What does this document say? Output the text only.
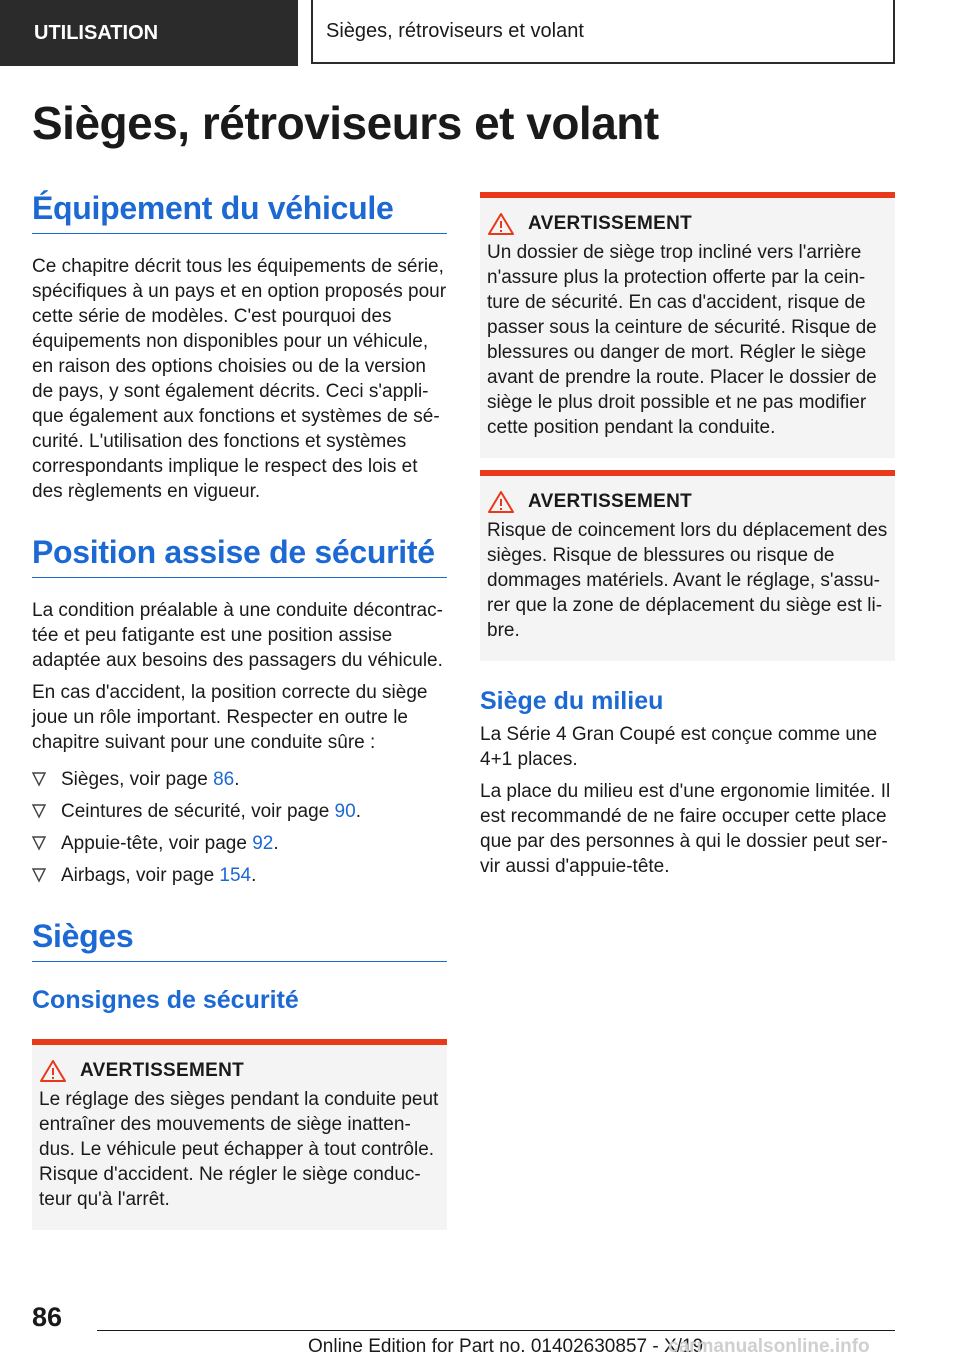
UTILISATION	Sièges, rétroviseurs et volant
Sièges, rétroviseurs et volant
Équipement du véhicule

Ce chapitre décrit tous les équipements de série, spécifiques à un pays et en option proposés pour cette série de modèles. C'est pourquoi des équipements non disponibles pour un véhicule, en raison des options choisies ou de la version de pays, y sont également décrits. Ceci s'appli-que également aux fonctions et systèmes de sé-curité. L'utilisation des fonctions et systèmes correspondants implique le respect des lois et des règlements en vigueur.

Position assise de sécurité

La condition préalable à une conduite décontrac-tée et peu fatigante est une position assise adaptée aux besoins des passagers du véhicule.

En cas d'accident, la position correcte du siège joue un rôle important. Respecter en outre le chapitre suivant pour une conduite sûre :

Sièges, voir page 86.
Ceintures de sécurité, voir page 90.
Appuie-tête, voir page 92.
Airbags, voir page 154.
Sièges
Consignes de sécurité
AVERTISSEMENT

Le réglage des sièges pendant la conduite peut entraîner des mouvements de siège inatten-dus. Le véhicule peut échapper à tout contrôle. Risque d'accident. Ne régler le siège conduc-teur qu'à l'arrêt.

AVERTISSEMENT

Un dossier de siège trop incliné vers l'arrière n'assure plus la protection offerte par la cein-ture de sécurité. En cas d'accident, risque de passer sous la ceinture de sécurité. Risque de blessures ou danger de mort. Régler le siège avant de prendre la route. Placer le dossier de siège le plus droit possible et ne pas modifier cette position pendant la conduite.

AVERTISSEMENT

Risque de coincement lors du déplacement des sièges. Risque de blessures ou risque de dommages matériels. Avant le réglage, s'assu-rer que la zone de déplacement du siège est li-bre.

Siège du milieu

La Série 4 Gran Coupé est conçue comme une 4+1 places.

La place du milieu est d'une ergonomie limitée. Il est recommandé de ne faire occuper cette place que par des personnes à qui le dossier peut ser-vir aussi d'appuie-tête.

86
Online Edition for Part no. 01402630857 - X/19
carmanualsonline.info
